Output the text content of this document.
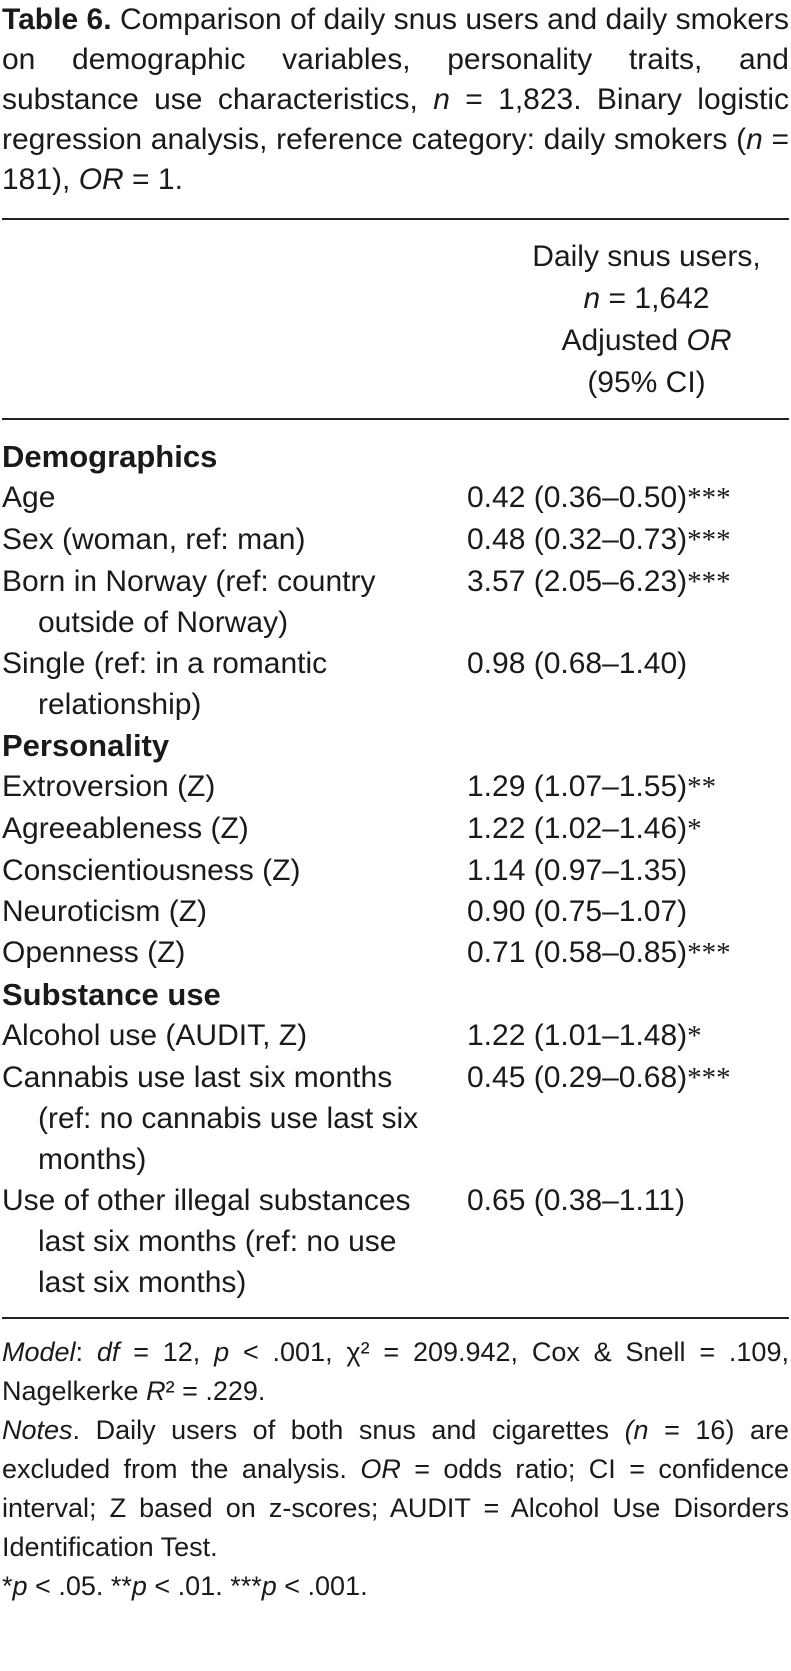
Table 6. Comparison of daily snus users and daily smokers on demographic variables, personality traits, and substance use characteristics, n = 1,823. Binary logistic regression analysis, reference category: daily smokers (n = 181), OR = 1.

Daily snus users,
n = 1,642
Adjusted OR
(95% CI)
Demographics	

Age	0.42 (0.36–0.50)***

Sex (woman, ref: man)	0.48 (0.32–0.73)***

Born in Norway (ref: country
outside of Norway)	3.57 (2.05–6.23)***

Single (ref: in a romantic
relationship)	0.98 (0.68–1.40)
Personality	

Extroversion (Z)	1.29 (1.07–1.55)**

Agreeableness (Z)	1.22 (1.02–1.46)*

Conscientiousness (Z)	1.14 (0.97–1.35)

Neuroticism (Z)	0.90 (0.75–1.07)

Openness (Z)	0.71 (0.58–0.85)***
Substance use	

Alcohol use (AUDIT, Z)	1.22 (1.01–1.48)*

Cannabis use last six months
(ref: no cannabis use last six
months)	0.45 (0.29–0.68)***

Use of other illegal substances
last six months (ref: no use
last six months)	0.65 (0.38–1.11)

Model: df = 12, p < .001, χ² = 209.942, Cox & Snell = .109, Nagelkerke R² = .229.

Notes. Daily users of both snus and cigarettes (n = 16) are excluded from the analysis. OR = odds ratio; CI = confidence interval; Z based on z-scores; AUDIT = Alcohol Use Disorders Identification Test.

*p < .05. **p < .01. ***p < .001.
